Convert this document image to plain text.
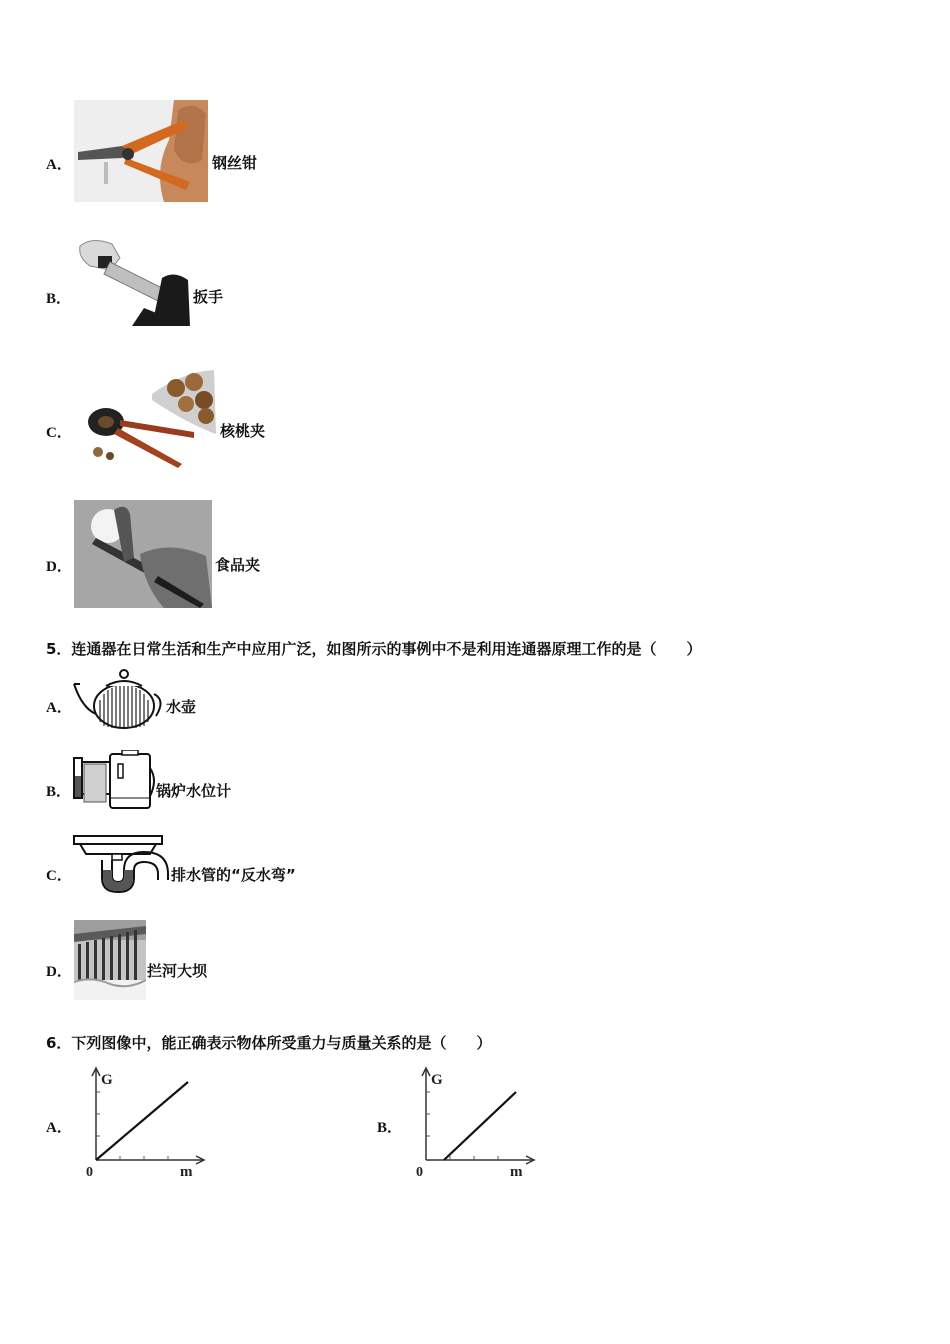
A．	钢丝钳
B．	扳手
C．	核桃夹
D．	食品夹
5．连通器在日常生活和生产中应用广泛，如图所示的事例中不是利用连通器原理工作的是（　　）
A．	水壶
B．	锅炉水位计
C．	排水管的“反水弯”
D．	拦河大坝
6．下列图像中，能正确表示物体所受重力与质量关系的是（　　）
A．
G
m
0
B．
G
m
0
